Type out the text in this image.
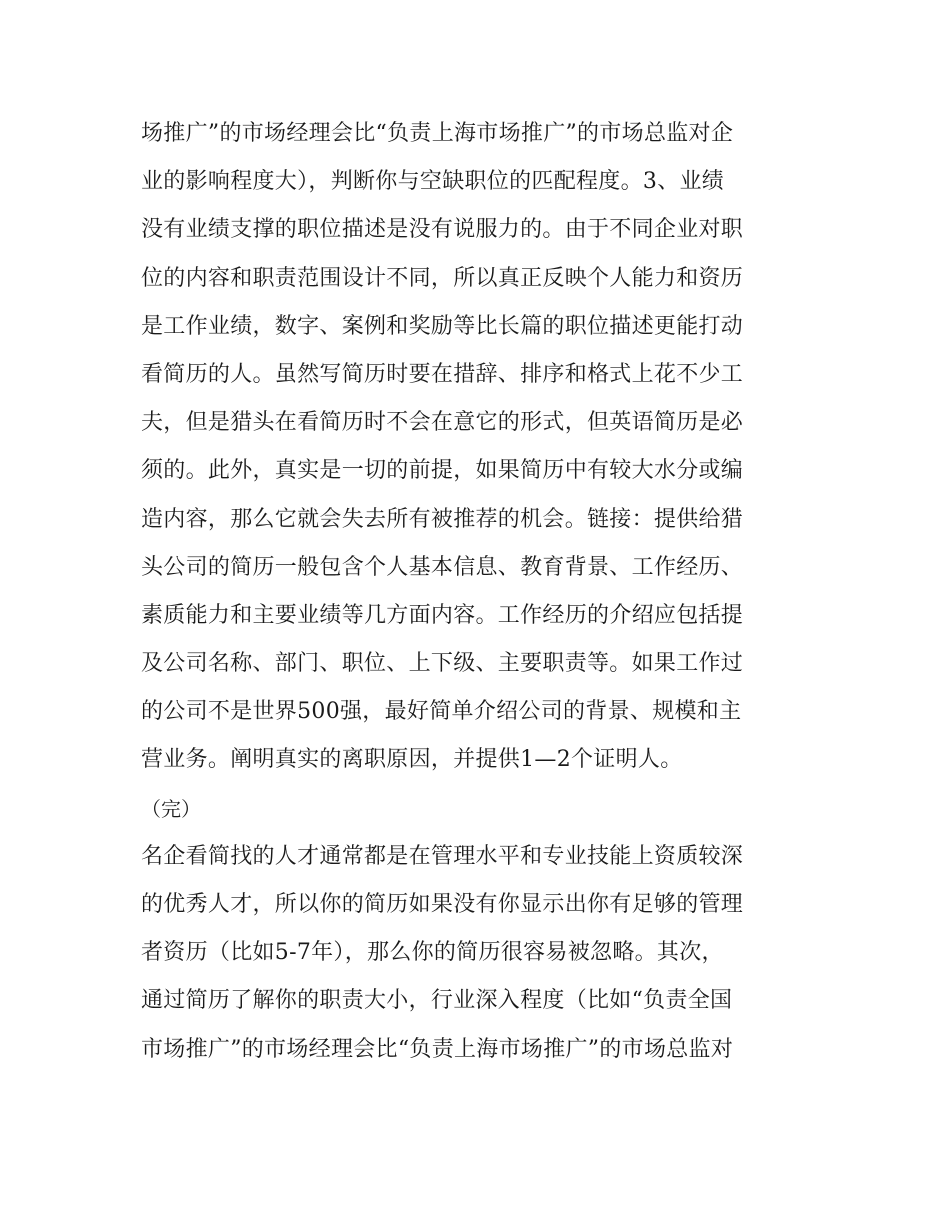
场推广”的市场经理会比“负责上海市场推广”的市场总监对企
业的影响程度大），判断你与空缺职位的匹配程度。3、业绩
没有业绩支撑的职位描述是没有说服力的。由于不同企业对职
位的内容和职责范围设计不同，所以真正反映个人能力和资历
是工作业绩，数字、案例和奖励等比长篇的职位描述更能打动
看简历的人。虽然写简历时要在措辞、排序和格式上花不少工
夫，但是猎头在看简历时不会在意它的形式，但英语简历是必
须的。此外，真实是一切的前提，如果简历中有较大水分或编
造内容，那么它就会失去所有被推荐的机会。链接：提供给猎
头公司的简历一般包含个人基本信息、教育背景、工作经历、
素质能力和主要业绩等几方面内容。工作经历的介绍应包括提
及公司名称、部门、职位、上下级、主要职责等。如果工作过
的公司不是世界500强，最好简单介绍公司的背景、规模和主
营业务。阐明真实的离职原因，并提供1—2个证明人。
（完）
名企看简找的人才通常都是在管理水平和专业技能上资质较深
的优秀人才，所以你的简历如果没有你显示出你有足够的管理
者资历（比如5-7年），那么你的简历很容易被忽略。其次，
通过简历了解你的职责大小，行业深入程度（比如“负责全国
市场推广”的市场经理会比“负责上海市场推广”的市场总监对
